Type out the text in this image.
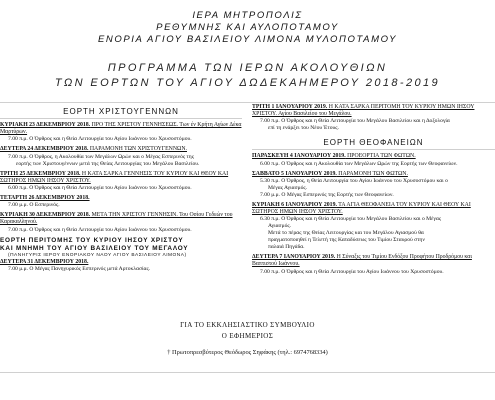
ΙΕΡΑ ΜΗΤΡΟΠΟΛΙΣ
ΡΕΘΥΜΝΗΣ ΚΑΙ ΑΥΛΟΠΟΤΑΜΟΥ
ΕΝΟΡΙΑ ΑΓΙΟΥ ΒΑΣΙΛΕΙΟΥ ΛΙΜΟΝΑ ΜΥΛΟΠΟΤΑΜΟΥ
ΠΡΟΓΡΑΜΜΑ ΤΩΝ ΙΕΡΩΝ ΑΚΟΛΟΥΘΙΩΝ
ΤΩΝ ΕΟΡΤΩΝ ΤΟΥ ΑΓΙΟΥ ΔΩΔΕΚΑΗΜΕΡΟΥ 2018-2019
ΕΟΡΤΗ ΧΡΙΣΤΟΥΓΕΝΝΩΝ
ΚΥΡΙΑΚΗ 23 ΔΕΚΕΜΒΡΙΟΥ 2018. ΠΡΟ ΤΗΣ ΧΡΙΣΤΟΥ ΓΕΝΝΗΣΕΩΣ. Των έν Κρήτη Αγίων Δέκα Μαρτύρων.
7.00 π.μ. Ο Όρθρος και η Θεία Λειτουργία του Αγίου Ιωάννου του Χρυσοστόμου.
ΔΕΥΤΕΡΑ 24 ΔΕΚΕΜΒΡΙΟΥ 2018. ΠΑΡΑΜΟΝΗ ΤΩΝ ΧΡΙΣΤΟΥΓΕΝΝΩΝ.
7.00 π.μ. Ο Όρθρος, η Ακολουθία των Μεγάλων Ωρών και ο Μέγας Εσπερινός της
εορτής των Χριστουγέννων μετά της Θείας Λειτουργίας του Μεγάλου Βασιλείου.
ΤΡΙΤΗ 25 ΔΕΚΕΜΒΡΙΟΥ 2018. Η ΚΑΤΑ ΣΑΡΚΑ ΓΕΝΝΗΣΙΣ ΤΟΥ ΚΥΡΙΟΥ ΚΑΙ ΘΕΟΥ ΚΑΙ ΣΩΤΗΡΟΣ ΗΜΩΝ ΙΗΣΟΥ ΧΡΙΣΤΟΥ.
6.00 π.μ. Ο Όρθρος και η Θεία Λειτουργία του Αγίου Ιωάννου του Χρυσοστόμου.
ΤΕΤΑΡΤΗ 26 ΔΕΚΕΜΒΡΙΟΥ 2018.
7.00 μ.μ. Ο Εσπερινός.
ΚΥΡΙΑΚΗ 30 ΔΕΚΕΜΒΡΙΟΥ 2018. ΜΕΤΑ ΤΗΝ ΧΡΙΣΤΟΥ ΓΕΝΝΗΣΙΝ. Του Οσίου Γεδεών του Καρακαλληνού.
7.00 π.μ. Ο Όρθρος και η Θεία Λειτουργία του Αγίου Ιωάννου του Χρυσοστόμου.
ΕΟΡΤΗ ΠΕΡΙΤΟΜΗΣ ΤΟΥ ΚΥΡΙΟΥ ΙΗΣΟΥ ΧΡΙΣΤΟΥ
ΚΑΙ ΜΝΗΜΗ ΤΟΥ ΑΓΙΟΥ ΒΑΣΙΛΕΙΟΥ ΤΟΥ ΜΕΓΑΛΟΥ
(ΠΑΝΗΓΥΡΙΣ ΙΕΡΟΥ ΕΝΟΡΙΑΚΟΥ ΝΑΟΥ ΑΓΙΟΥ ΒΑΣΙΛΕΙΟΥ ΛΙΜΟΝΑ)
ΔΕΥΤΕΡΑ 31 ΔΕΚΕΜΒΡΙΟΥ 2018.
7.00 μ.μ. Ο Μέγας Πανηγυρικός Εσπερινός μετά Αρτοκλασίας.
ΤΡΙΤΗ 1 ΙΑΝΟΥΑΡΙΟΥ 2019. Η ΚΑΤΑ ΣΑΡΚΑ ΠΕΡΙΤΟΜΗ ΤΟΥ ΚΥΡΙΟΥ ΗΜΩΝ ΙΗΣΟΥ ΧΡΙΣΤΟΥ. Αγίου Βασιλείου του Μεγάλου.
7.00 π.μ. Ο Όρθρος και η Θεία Λειτουργία του Μεγάλου Βασιλείου και η Δοξολογία
επί τη ενάρξει του Νέου Έτους.
ΕΟΡΤΗ ΘΕΟΦΑΝΕΙΩΝ
ΠΑΡΑΣΚΕΥΗ 4 ΙΑΝΟΥΑΡΙΟΥ 2019. ΠΡΟΕΟΡΤΙΑ ΤΩΝ ΦΩΤΩΝ.
6.00 π.μ. Ο Όρθρος και η Ακολουθία των Μεγάλων Ωρών της Εορτής των Θεοφανείων.
ΣΑΒΒΑΤΟ 5 ΙΑΝΟΥΑΡΙΟΥ 2019. ΠΑΡΑΜΟΝΗ ΤΩΝ ΦΩΤΩΝ.
5.30 π.μ. Ο Όρθρος, η Θεία Λειτουργία του Αγίου Ιωάννου του Χρυσοστόμου και ο
Μέγας Αγιασμός.
7.00 μ.μ. Ο Μέγας Εσπερινός της Εορτής των Θεοφανείων.
ΚΥΡΙΑΚΗ 6 ΙΑΝΟΥΑΡΙΟΥ 2019. ΤΑ ΑΓΙΑ ΘΕΟΦΑΝΕΙΑ ΤΟΥ ΚΥΡΙΟΥ ΚΑΙ ΘΕΟΥ ΚΑΙ ΣΩΤΗΡΟΣ ΗΜΩΝ ΙΗΣΟΥ ΧΡΙΣΤΟΥ.
6.30 π.μ. Ο Όρθρος και η Θεία Λειτουργία του Μεγάλου Βασιλείου και ο Μέγας
Αγιασμός.
Μετά το πέρας της Θείας Λειτουργίας και του Μεγάλου Αγιασμού θα
πραγματοποιηθεί η Τελετή της Καταδύσεως του Τιμίου Σταυρού στην
παλαιά Πηγάδα.
ΔΕΥΤΕΡΑ 7 ΙΑΝΟΥΑΡΙΟΥ 2019. Η Σύναξις του Τιμίου Ενδόξου Προφήτου Προδρόμου και Βαπτιστού Ιωάννου.
7.00 π.μ. Ο Όρθρος και η Θεία Λειτουργία του Αγίου Ιωάννου του Χρυσοστόμου.
ΓΙΑ ΤΟ ΕΚΚΛΗΣΙΑΣΤΙΚΟ ΣΥΜΒΟΥΛΙΟ
Ο ΕΦΗΜΕΡΙΟΣ
† Πρωτοπρεσβύτερος Θεόδωρος Σηφάκης (τηλ.: 6974768334)
